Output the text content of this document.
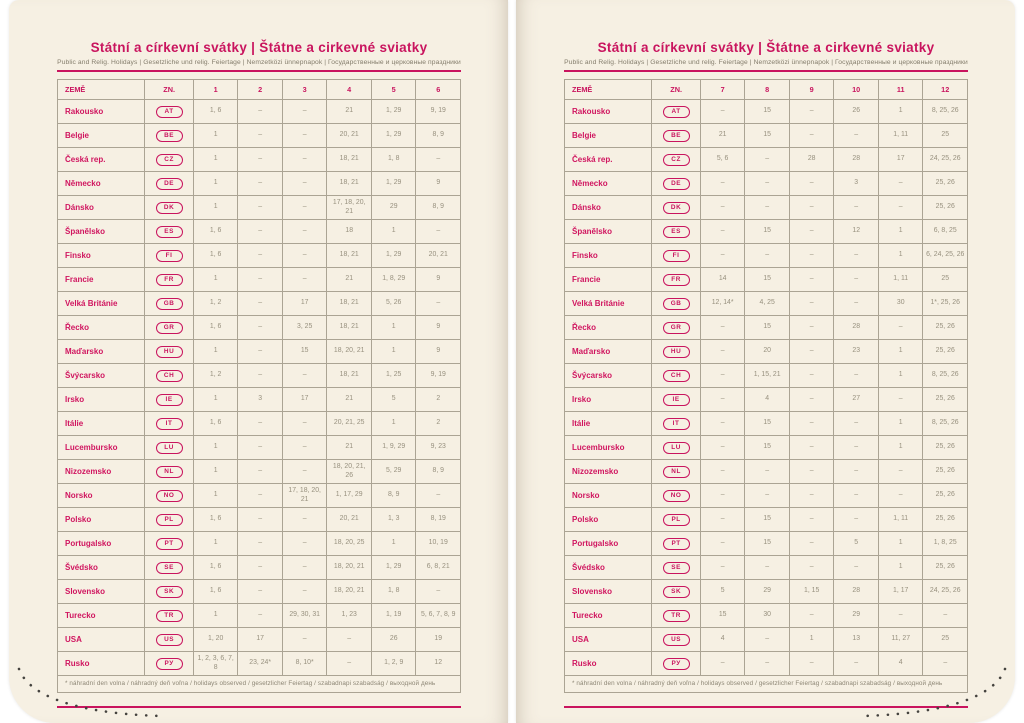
Státní a církevní svátky | Štátne a cirkevné sviatky
Public and Relig. Holidays | Gesetzliche und relig. Feiertage | Nemzetközi ünnepnapok | Государственные и церковные праздники
ZEMĚ	ZN.	1	2	3	4	5	6
Rakousko	AT	1, 6	–	–	21	1, 29	9, 19
Belgie	BE	1	–	–	20, 21	1, 29	8, 9
Česká rep.	CZ	1	–	–	18, 21	1, 8	–
Německo	DE	1	–	–	18, 21	1, 29	9
Dánsko	DK	1	–	–	17, 18, 20, 21	29	8, 9
Španělsko	ES	1, 6	–	–	18	1	–
Finsko	FI	1, 6	–	–	18, 21	1, 29	20, 21
Francie	FR	1	–	–	21	1, 8, 29	9
Velká Británie	GB	1, 2	–	17	18, 21	5, 26	–
Řecko	GR	1, 6	–	3, 25	18, 21	1	9
Maďarsko	HU	1	–	15	18, 20, 21	1	9
Švýcarsko	CH	1, 2	–	–	18, 21	1, 25	9, 19
Irsko	IE	1	3	17	21	5	2
Itálie	IT	1, 6	–	–	20, 21, 25	1	2
Lucembursko	LU	1	–	–	21	1, 9, 29	9, 23
Nizozemsko	NL	1	–	–	18, 20, 21, 26	5, 29	8, 9
Norsko	NO	1	–	17, 18, 20, 21	1, 17, 29	8, 9	–
Polsko	PL	1, 6	–	–	20, 21	1, 3	8, 19
Portugalsko	PT	1	–	–	18, 20, 25	1	10, 19
Švédsko	SE	1, 6	–	–	18, 20, 21	1, 29	6, 8, 21
Slovensko	SK	1, 6	–	–	18, 20, 21	1, 8	–
Turecko	TR	1	–	29, 30, 31	1, 23	1, 19	5, 6, 7, 8, 9
USA	US	1, 20	17	–	–	26	19
Rusko	РУ	1, 2, 3, 6, 7, 8	23, 24*	8, 10*	–	1, 2, 9	12
* náhradní den volna / náhradný deň voľna / holidays observed / gesetzlicher Feiertag / szabadnapi szabadság / выходной день							
Státní a církevní svátky | Štátne a cirkevné sviatky
Public and Relig. Holidays | Gesetzliche und relig. Feiertage | Nemzetközi ünnepnapok | Государственные и церковные праздники
ZEMĚ	ZN.	7	8	9	10	11	12
Rakousko	AT	–	15	–	26	1	8, 25, 26
Belgie	BE	21	15	–	–	1, 11	25
Česká rep.	CZ	5, 6	–	28	28	17	24, 25, 26
Německo	DE	–	–	–	3	–	25, 26
Dánsko	DK	–	–	–	–	–	25, 26
Španělsko	ES	–	15	–	12	1	6, 8, 25
Finsko	FI	–	–	–	–	1	6, 24, 25, 26
Francie	FR	14	15	–	–	1, 11	25
Velká Británie	GB	12, 14*	4, 25	–	–	30	1*, 25, 26
Řecko	GR	–	15	–	28	–	25, 26
Maďarsko	HU	–	20	–	23	1	25, 26
Švýcarsko	CH	–	1, 15, 21	–	–	1	8, 25, 26
Irsko	IE	–	4	–	27	–	25, 26
Itálie	IT	–	15	–	–	1	8, 25, 26
Lucembursko	LU	–	15	–	–	1	25, 26
Nizozemsko	NL	–	–	–	–	–	25, 26
Norsko	NO	–	–	–	–	–	25, 26
Polsko	PL	–	15	–	–	1, 11	25, 26
Portugalsko	PT	–	15	–	5	1	1, 8, 25
Švédsko	SE	–	–	–	–	1	25, 26
Slovensko	SK	5	29	1, 15	28	1, 17	24, 25, 26
Turecko	TR	15	30	–	29	–	–
USA	US	4	–	1	13	11, 27	25
Rusko	РУ	–	–	–	–	4	–
* náhradní den volna / náhradný deň voľna / holidays observed / gesetzlicher Feiertag / szabadnapi szabadság / выходной день							
